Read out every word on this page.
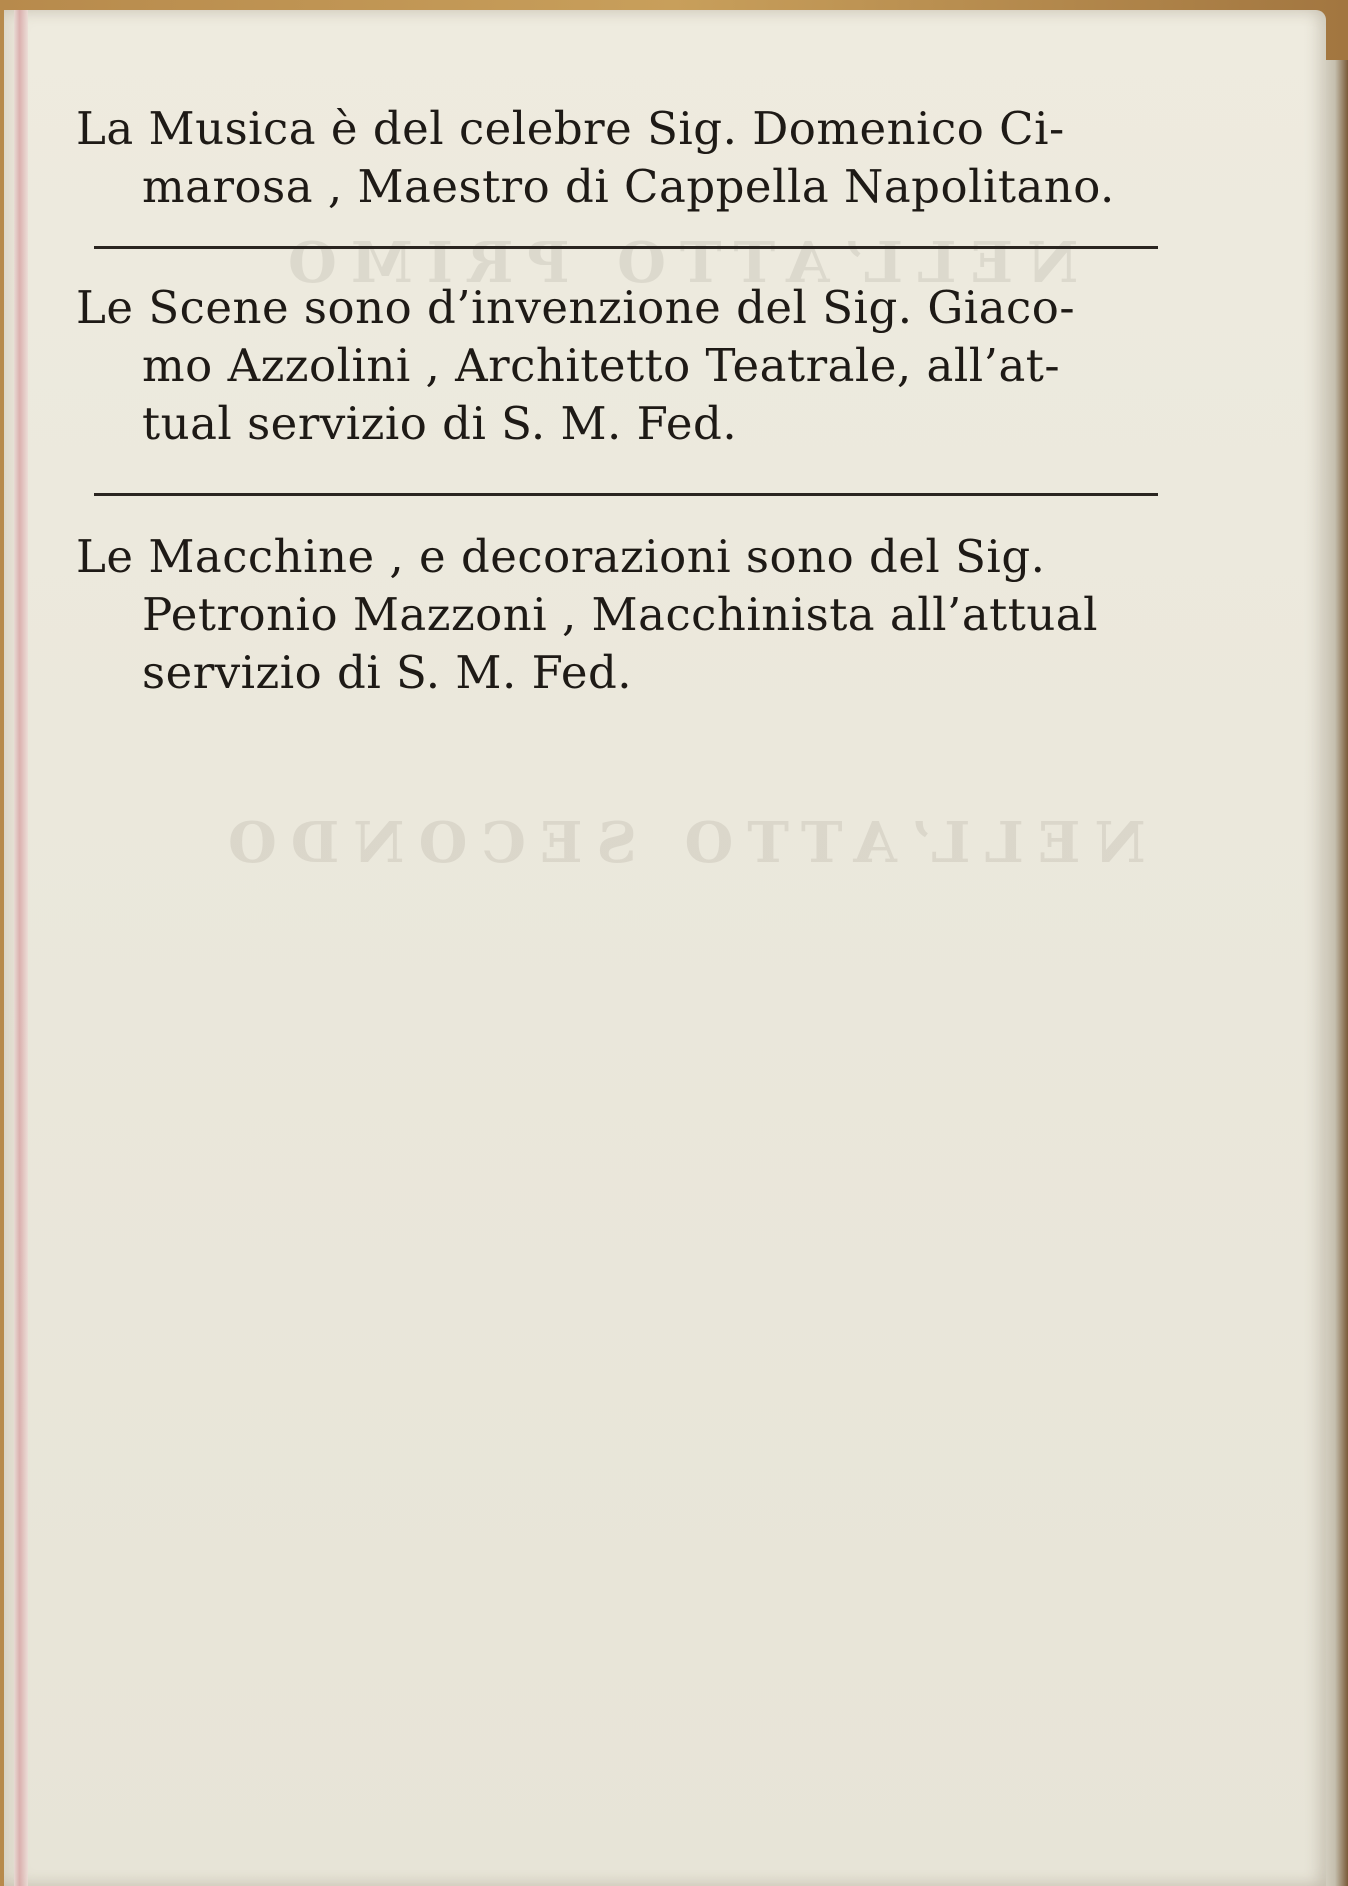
NELL’ATTO PRIMO
NELL’ATTO SECONDO
La Musica è del celebre Sig. Domenico Ci-
marosa , Maestro di Cappella Napolitano.
Le Scene sono d’invenzione del Sig. Giaco-
mo Azzolini , Architetto Teatrale, all’at-
tual servizio di S. M. Fed.
Le Macchine , e decorazioni sono del Sig.
Petronio Mazzoni , Macchinista all’attual
servizio di S. M. Fed.
